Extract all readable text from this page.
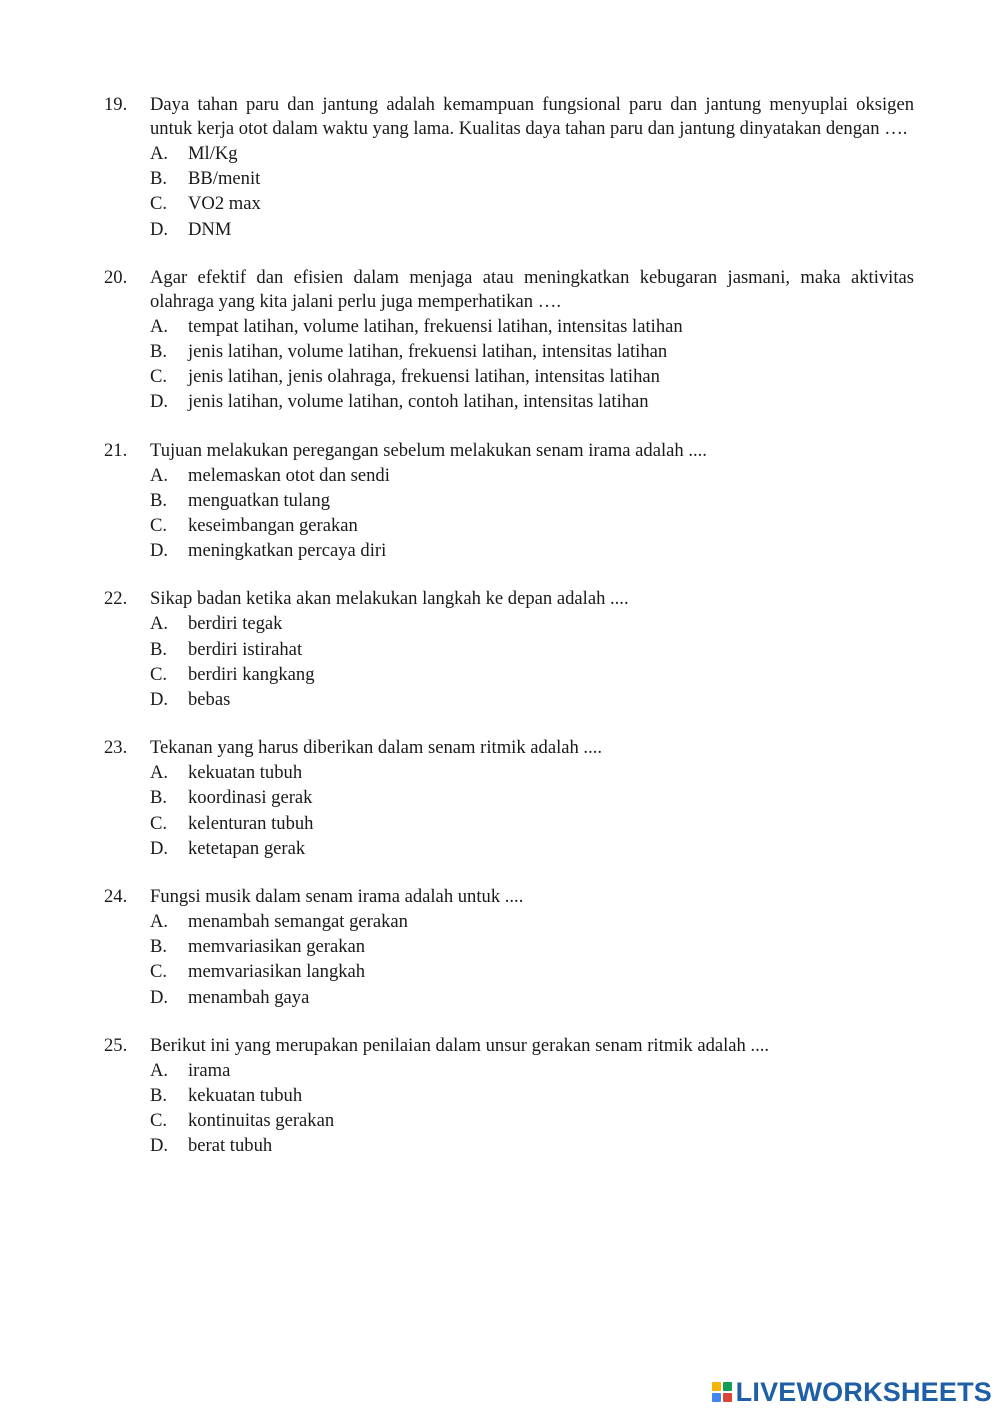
19.	Daya tahan paru dan jantung adalah kemampuan fungsional paru dan jantung menyuplai oksigen untuk kerja otot dalam waktu yang lama. Kualitas daya tahan paru dan jantung dinyatakan dengan ….
A.	Ml/Kg
B.	BB/menit
C.	VO2 max
D.	DNM
20.	Agar efektif dan efisien dalam menjaga atau meningkatkan kebugaran jasmani, maka aktivitas olahraga yang kita jalani perlu juga memperhatikan ….
A.	tempat latihan, volume latihan, frekuensi latihan, intensitas latihan
B.	jenis latihan, volume latihan, frekuensi latihan, intensitas latihan
C.	jenis latihan, jenis olahraga, frekuensi latihan, intensitas latihan
D.	jenis latihan, volume latihan, contoh latihan, intensitas latihan
21.	Tujuan melakukan peregangan sebelum melakukan senam irama adalah ....
A.	melemaskan otot dan sendi
B.	menguatkan tulang
C.	keseimbangan gerakan
D.	meningkatkan percaya diri
22.	Sikap badan ketika akan melakukan langkah ke depan adalah ....
A.	berdiri tegak
B.	berdiri istirahat
C.	berdiri kangkang
D.	bebas
23.	Tekanan yang harus diberikan dalam senam ritmik adalah ....
A.	kekuatan tubuh
B.	koordinasi gerak
C.	kelenturan tubuh
D.	ketetapan gerak
24.	Fungsi musik dalam senam irama adalah untuk ....
A.	menambah semangat gerakan
B.	memvariasikan gerakan
C.	memvariasikan langkah
D.	menambah gaya
25.	Berikut ini yang merupakan penilaian dalam unsur gerakan senam ritmik adalah ....
A.	irama
B.	kekuatan tubuh
C.	kontinuitas gerakan
D.	berat tubuh
LIVEWORKSHEETS
